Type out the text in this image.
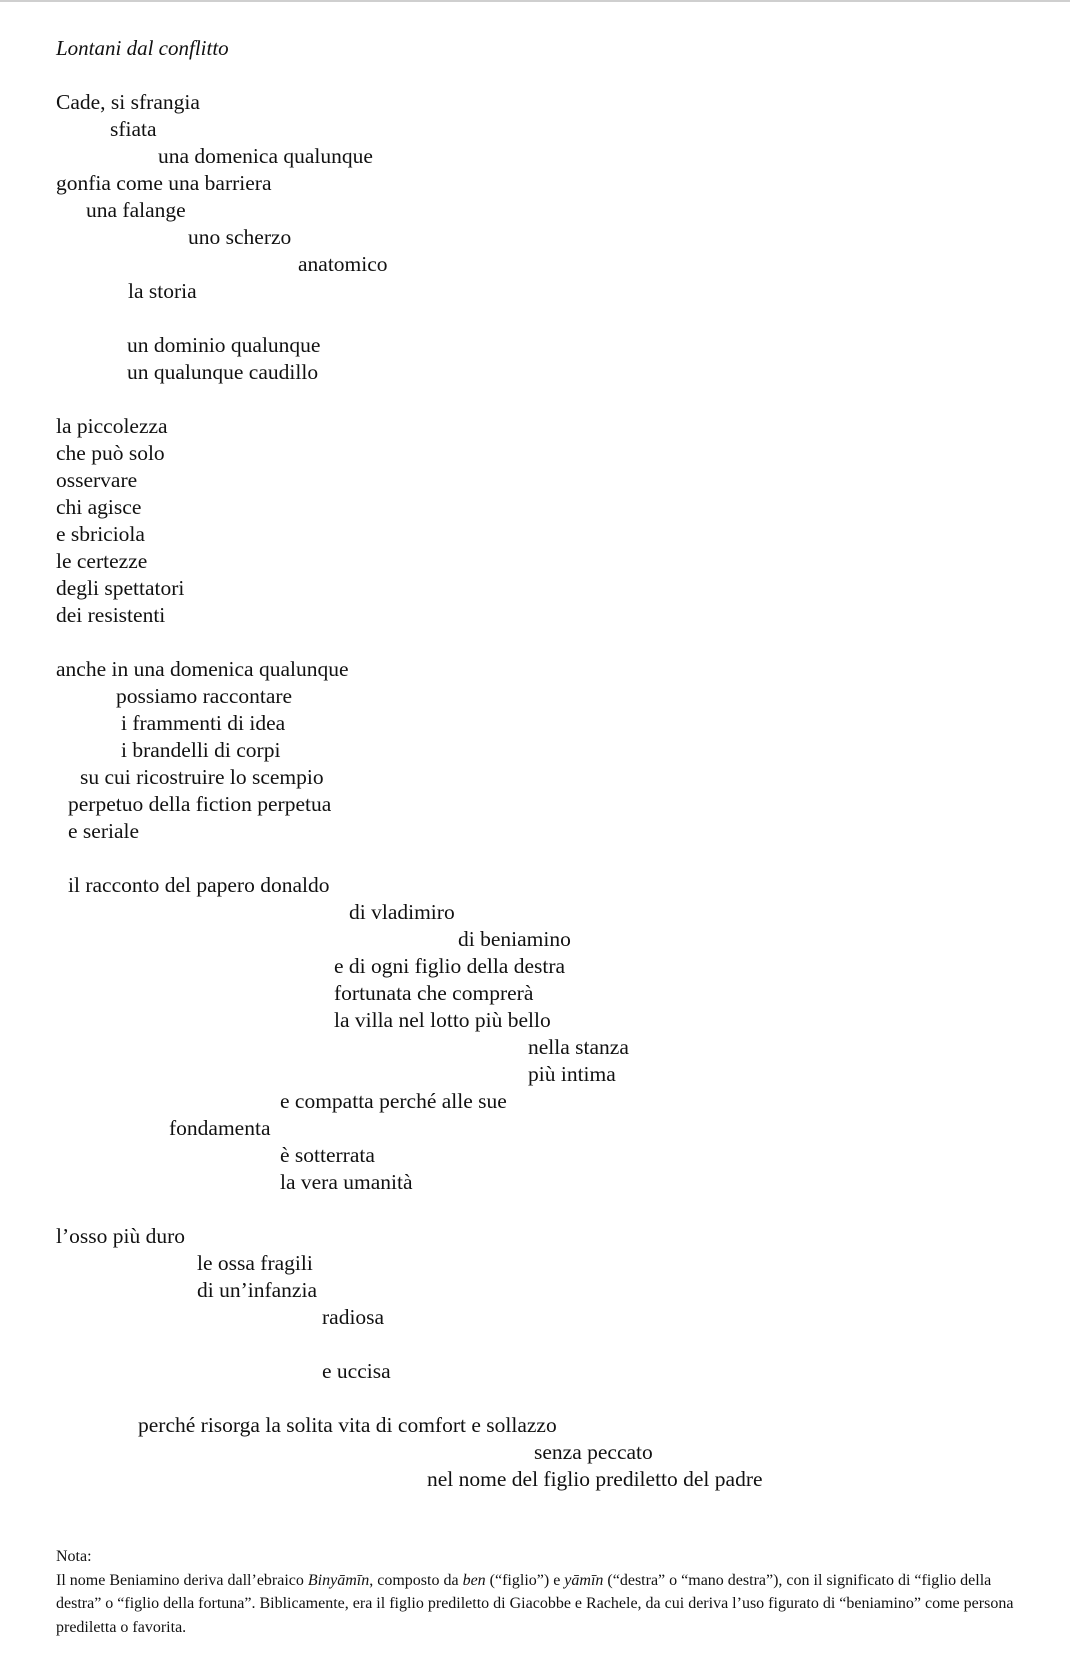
Lontani dal conflitto
Cade, si sfrangia
sfiata
una domenica qualunque
gonfia come una barriera
una falange
uno scherzo
anatomico
la storia
un dominio qualunque
un qualunque caudillo
la piccolezza
che può solo
osservare
chi agisce
e sbriciola
le certezze
degli spettatori
dei resistenti
anche in una domenica qualunque
possiamo raccontare
i frammenti di idea
i brandelli di corpi
su cui ricostruire lo scempio
perpetuo della fiction perpetua
e seriale
il racconto del papero donaldo
di vladimiro
di beniamino
e di ogni figlio della destra
fortunata che comprerà
la villa nel lotto più bello
nella stanza
più intima
e compatta perché alle sue
fondamenta
è sotterrata
la vera umanità
l’osso più duro
le ossa fragili
di un’infanzia
radiosa
e uccisa
perché risorga la solita vita di comfort e sollazzo
senza peccato
nel nome del figlio prediletto del padre
Nota:
Il nome Beniamino deriva dall’ebraico Binyāmīn, composto da ben (“figlio”) e yāmīn (“destra” o “mano destra”), con il significato di “figlio della destra” o “figlio della fortuna”. Biblicamente, era il figlio prediletto di Giacobbe e Rachele, da cui deriva l’uso figurato di “beniamino” come persona prediletta o favorita.
